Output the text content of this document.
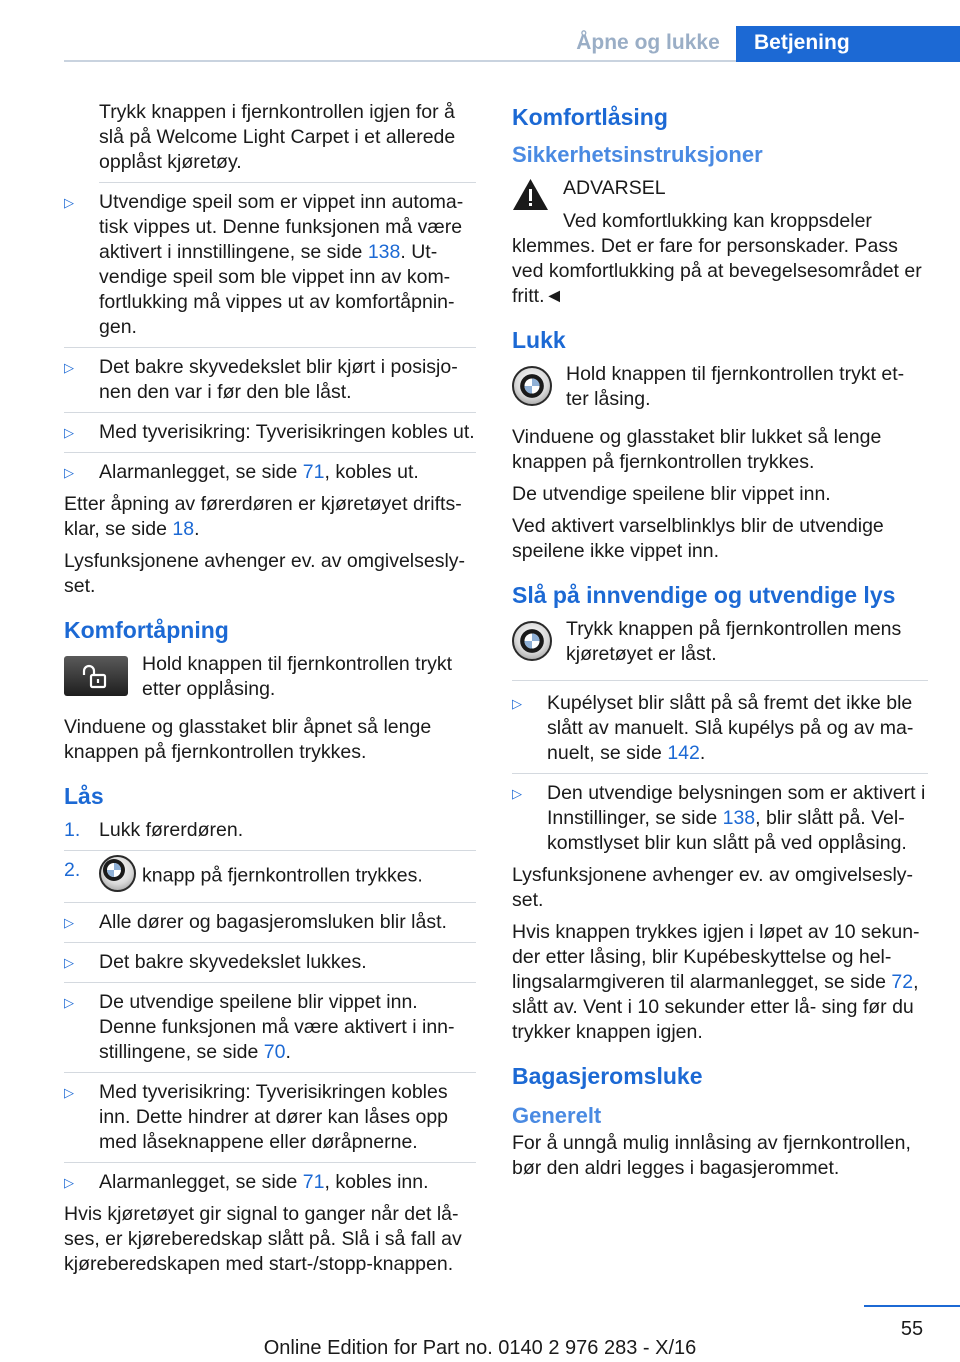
Åpne og lukke	Betjening
Trykk knappen i fjernkontrollen igjen for å slå på Welcome Light Carpet i et allerede opplåst kjøretøy.
▷	Utvendige speil som er vippet inn automa‐ tisk vippes ut. Denne funksjonen må være aktivert i innstillingene, se side 138. Ut‐ vendige speil som ble vippet inn av kom‐ fortlukking må vippes ut av komfortåpnin‐ gen.
▷	Det bakre skyvedekslet blir kjørt i posisjo‐ nen den var i før den ble låst.
▷	Med tyverisikring: Tyverisikringen kobles ut.
▷	Alarmanlegget, se side 71, kobles ut.
Etter åpning av førerdøren er kjøretøyet drifts‐ klar, se side 18.
Lysfunksjonene avhenger ev. av omgivelsesly‐ set.
Komfortåpning
Hold knappen til fjernkontrollen trykt etter opplåsing.
Vinduene og glasstaket blir åpnet så lenge knappen på fjernkontrollen trykkes.
Lås
1. Lukk førerdøren.
2.	knapp på fjernkontrollen trykkes.
▷	Alle dører og bagasjeromsluken blir låst.
▷	Det bakre skyvedekslet lukkes.
▷	De utvendige speilene blir vippet inn. Denne funksjonen må være aktivert i inn‐ stillingene, se side 70.
▷	Med tyverisikring: Tyverisikringen kobles inn. Dette hindrer at dører kan låses opp med låseknappene eller døråpnerne.
▷	Alarmanlegget, se side 71, kobles inn.
Hvis kjøretøyet gir signal to ganger når det lå‐ ses, er kjøreberedskap slått på. Slå i så fall av kjøreberedskapen med start-/stopp-knappen.
Komfortlåsing
Sikkerhetsinstruksjoner
ADVARSEL
Ved komfortlukking kan kroppsdeler klemmes. Det er fare for personskader. Pass ved komfortlukking på at bevegelsesområdet er fritt.◄
Lukk
Hold knappen til fjernkontrollen trykt et‐ ter låsing.
Vinduene og glasstaket blir lukket så lenge knappen på fjernkontrollen trykkes.
De utvendige speilene blir vippet inn.
Ved aktivert varselblinklys blir de utvendige speilene ikke vippet inn.
Slå på innvendige og utvendige lys
Trykk knappen på fjernkontrollen mens kjøretøyet er låst.
▷	Kupélyset blir slått på så fremt det ikke ble slått av manuelt. Slå kupélys på og av ma‐ nuelt, se side 142.
▷	Den utvendige belysningen som er aktivert i Innstillinger, se side 138, blir slått på. Vel‐ komstlyset blir kun slått på ved opplåsing.
Lysfunksjonene avhenger ev. av omgivelsesly‐ set.
Hvis knappen trykkes igjen i løpet av 10 sekun‐ der etter låsing, blir Kupébeskyttelse og hel‐ lingsalarmgiveren til alarmanlegget, se side 72, slått av. Vent i 10 sekunder etter lå‐ sing før du trykker knappen igjen.
Bagasjeromsluke
Generelt
For å unngå mulig innlåsing av fjernkontrollen, bør den aldri legges i bagasjerommet.
55
Online Edition for Part no. 0140 2 976 283 - X/16
